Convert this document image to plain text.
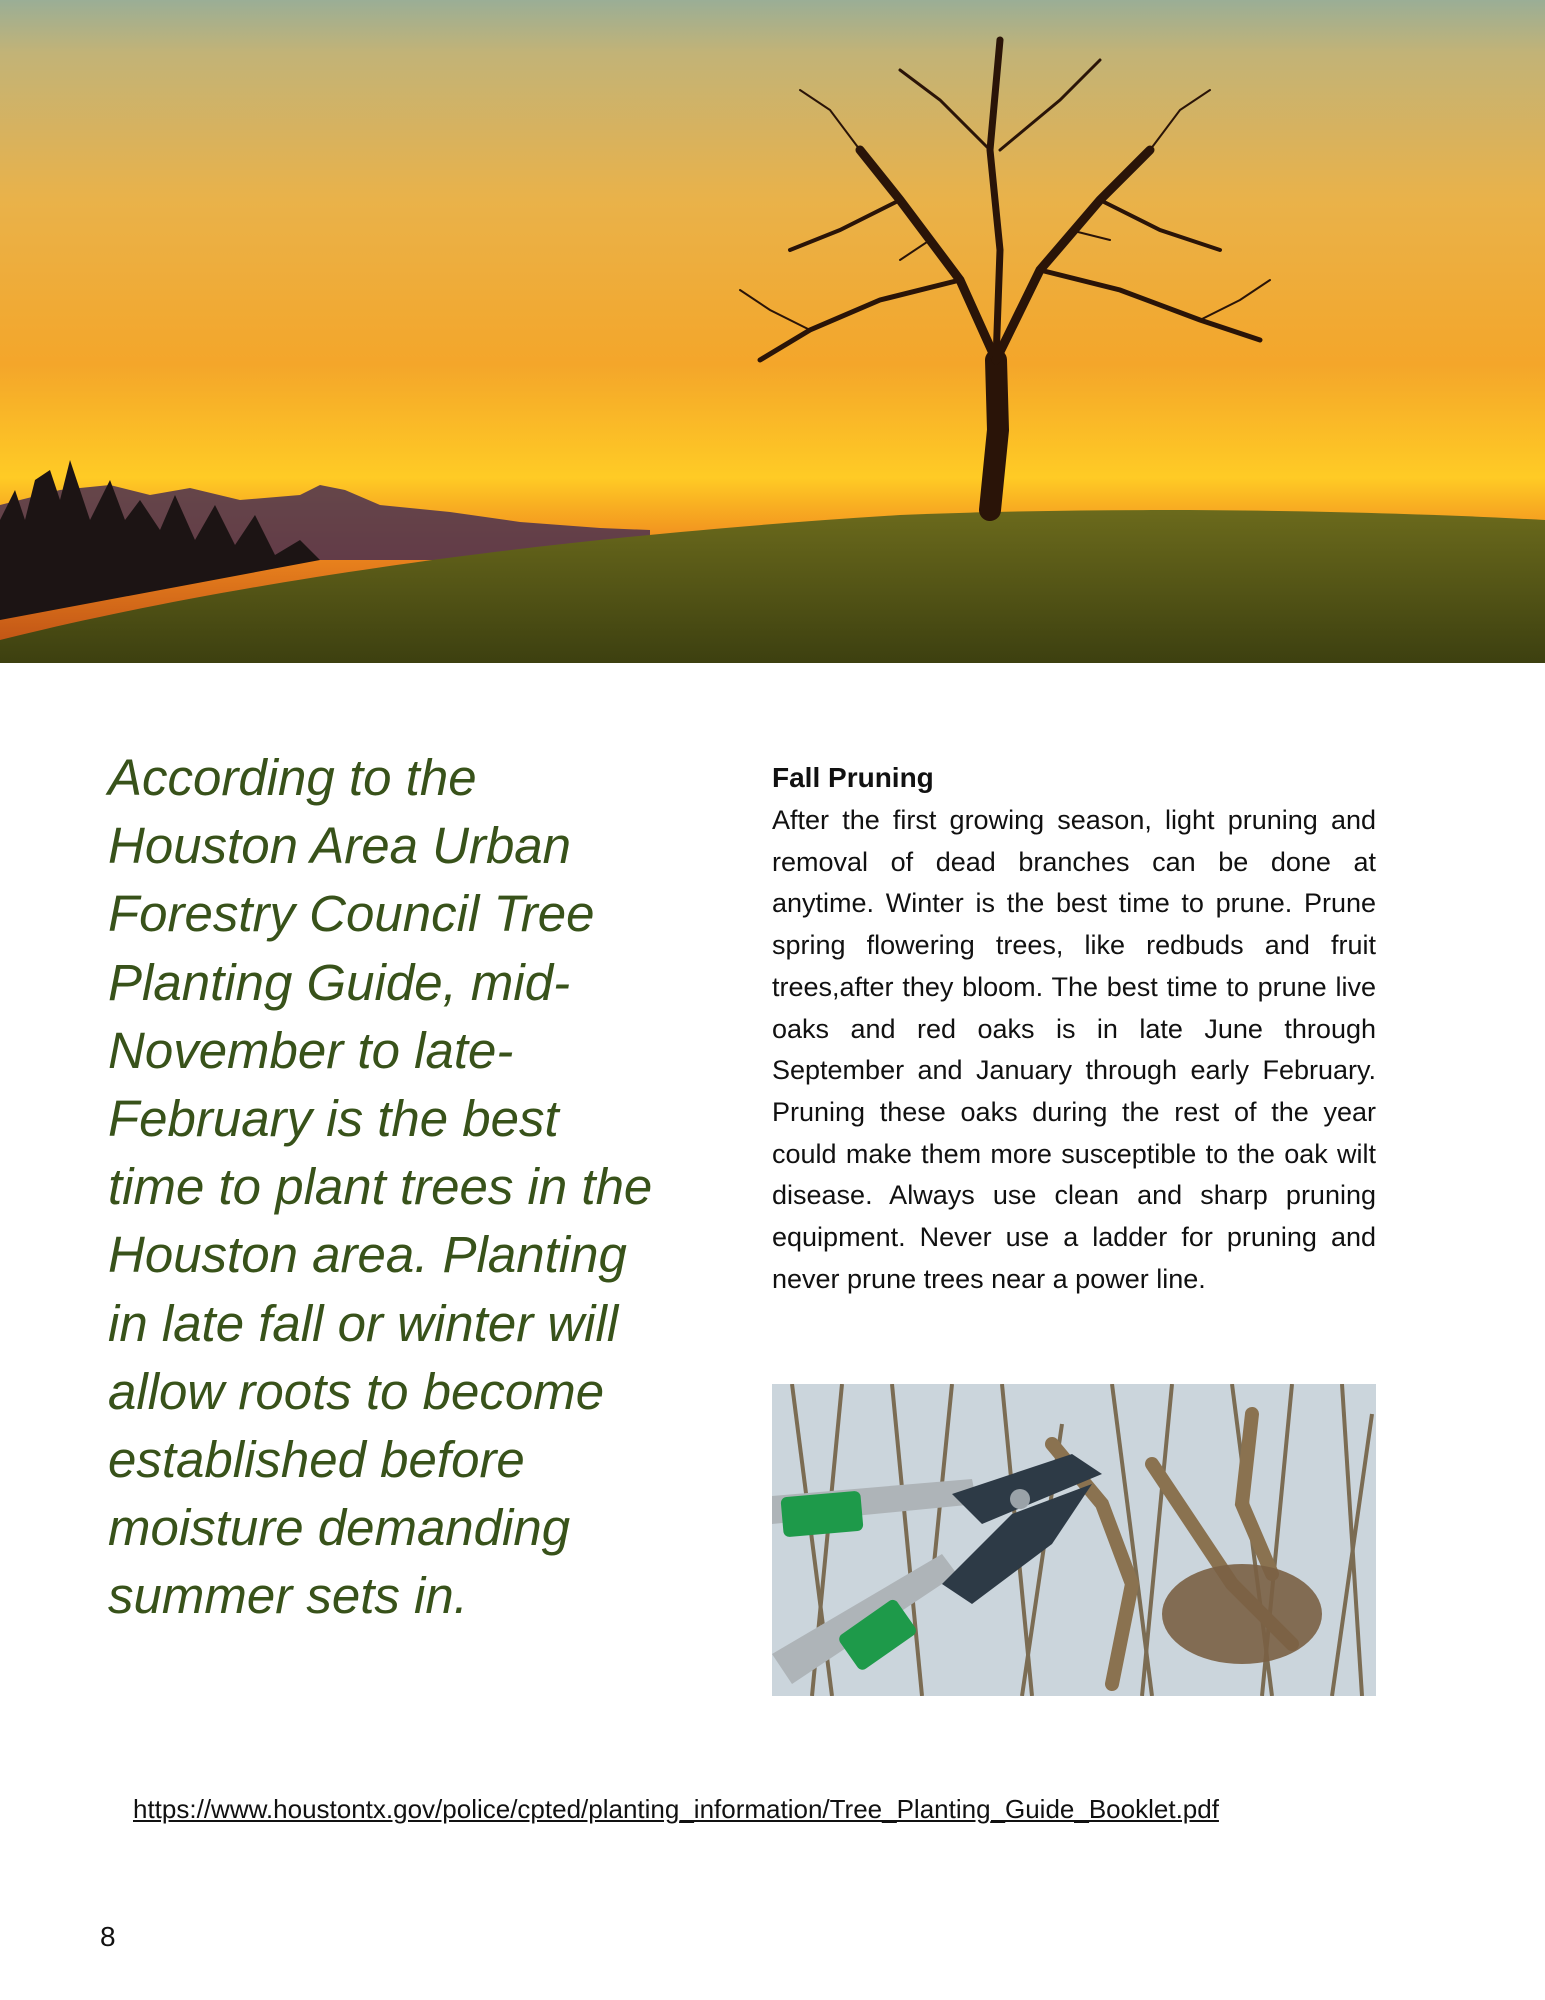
According to the Houston Area Urban Forestry Council Tree Planting Guide, mid-November to late-February is the best time to plant trees in the Houston area. Planting in late fall or winter will allow roots to become established before moisture demanding summer sets in.

Fall Pruning

After the first growing season, light pruning and removal of dead branches can be done at anytime. Winter is the best time to prune. Prune spring flowering trees, like redbuds and fruit trees,after they bloom. The best time to prune live oaks and red oaks is in late June through September and January through early February. Pruning these oaks during the rest of the year could make them more susceptible to the oak wilt disease. Always use clean and sharp pruning equipment. Never use a ladder for pruning and never prune trees near a power line.

https://www.houstontx.gov/police/cpted/planting_information/Tree_Planting_Guide_Booklet.pdf
8
